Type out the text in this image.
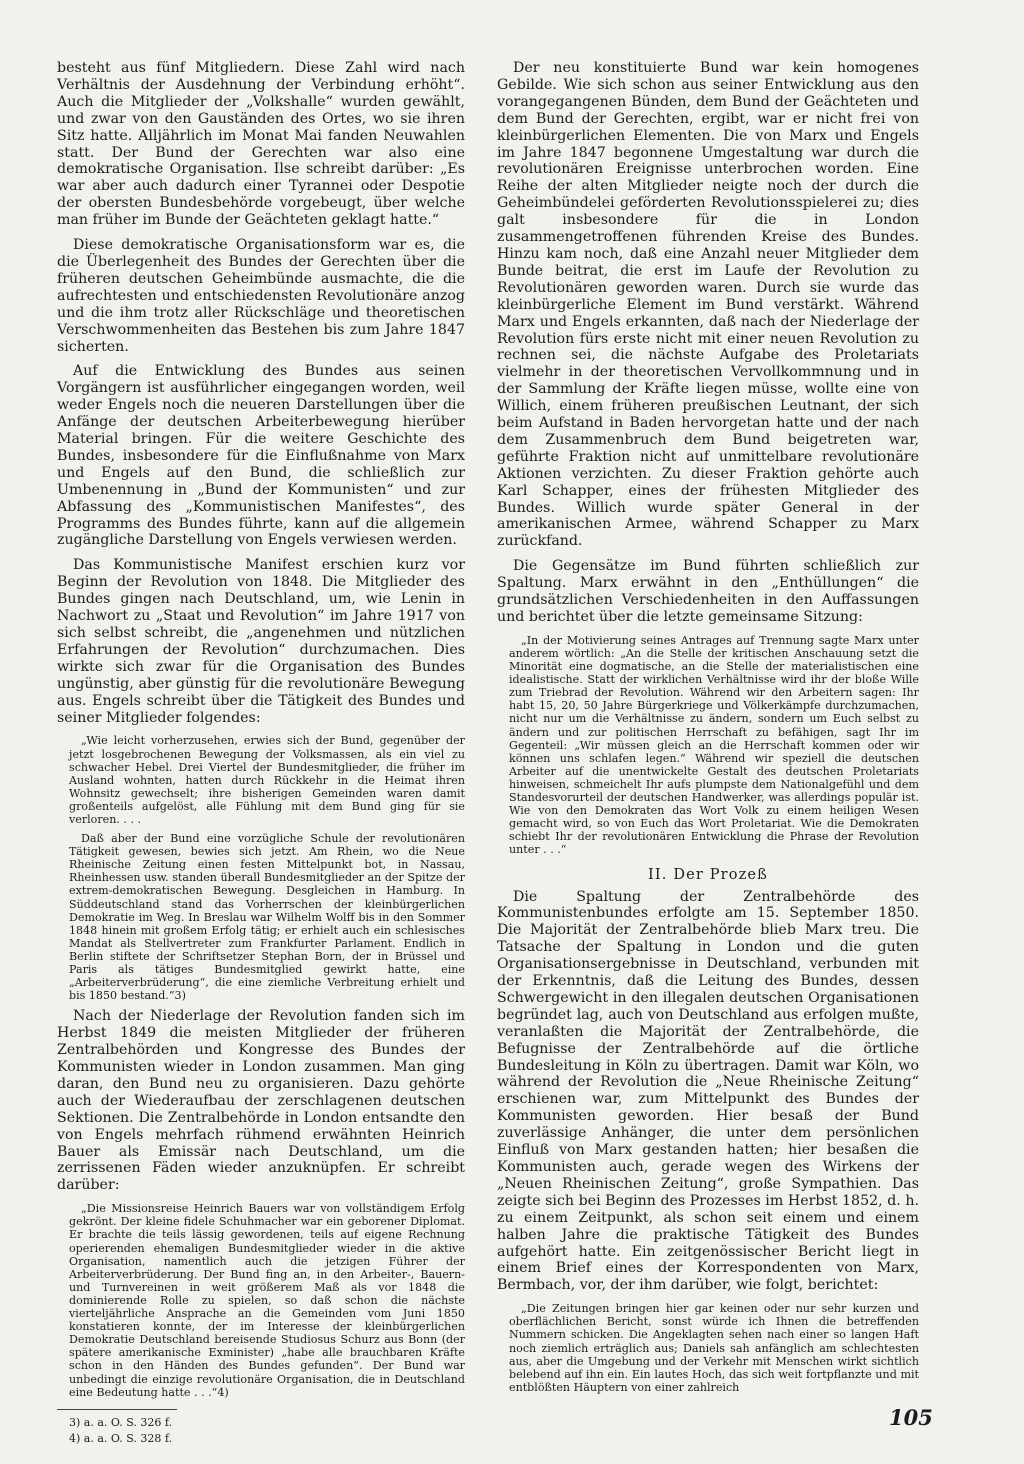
besteht aus fünf Mitgliedern. Diese Zahl wird nach Verhältnis der Ausdehnung der Verbindung erhöht“. Auch die Mitglieder der „Volkshalle“ wurden gewählt, und zwar von den Gauständen des Ortes, wo sie ihren Sitz hatte. Alljährlich im Monat Mai fanden Neuwahlen statt. Der Bund der Gerechten war also eine demokratische Organisation. Ilse schreibt darüber: „Es war aber auch dadurch einer Tyrannei oder Despotie der obersten Bundesbehörde vorgebeugt, über welche man früher im Bunde der Geächteten geklagt hatte.“

Diese demokratische Organisationsform war es, die die Überlegenheit des Bundes der Gerechten über die früheren deutschen Geheimbünde ausmachte, die die aufrechtesten und entschiedensten Revolutionäre anzog und die ihm trotz aller Rückschläge und theoretischen Verschwommenheiten das Bestehen bis zum Jahre 1847 sicherten.

Auf die Entwicklung des Bundes aus seinen Vorgängern ist ausführlicher eingegangen worden, weil weder Engels noch die neueren Darstellungen über die Anfänge der deutschen Arbeiterbewegung hierüber Material bringen. Für die weitere Geschichte des Bundes, insbesondere für die Einflußnahme von Marx und Engels auf den Bund, die schließlich zur Umbenennung in „Bund der Kommunisten“ und zur Abfassung des „Kommunistischen Manifestes“, des Programms des Bundes führte, kann auf die allgemein zugängliche Darstellung von Engels verwiesen werden.

Das Kommunistische Manifest erschien kurz vor Beginn der Revolution von 1848. Die Mitglieder des Bundes gingen nach Deutschland, um, wie Lenin in Nachwort zu „Staat und Revolution“ im Jahre 1917 von sich selbst schreibt, die „angenehmen und nützlichen Erfahrungen der Revolution“ durchzumachen. Dies wirkte sich zwar für die Organisation des Bundes ungünstig, aber günstig für die revolutionäre Bewegung aus. Engels schreibt über die Tätigkeit des Bundes und seiner Mitglieder folgendes:

„Wie leicht vorherzusehen, erwies sich der Bund, gegenüber der jetzt losgebrochenen Bewegung der Volksmassen, als ein viel zu schwacher Hebel. Drei Viertel der Bundesmitglieder, die früher im Ausland wohnten, hatten durch Rückkehr in die Heimat ihren Wohnsitz gewechselt; ihre bisherigen Gemeinden waren damit großenteils aufgelöst, alle Fühlung mit dem Bund ging für sie verloren. . . .
Daß aber der Bund eine vorzügliche Schule der revolutionären Tätigkeit gewesen, bewies sich jetzt. Am Rhein, wo die Neue Rheinische Zeitung einen festen Mittelpunkt bot, in Nassau, Rheinhessen usw. standen überall Bundesmitglieder an der Spitze der extrem-demokratischen Bewegung. Desgleichen in Hamburg. In Süddeutschland stand das Vorherrschen der kleinbürgerlichen Demokratie im Weg. In Breslau war Wilhelm Wolff bis in den Sommer 1848 hinein mit großem Erfolg tätig; er erhielt auch ein schlesisches Mandat als Stellvertreter zum Frankfurter Parlament. Endlich in Berlin stiftete der Schriftsetzer Stephan Born, der in Brüssel und Paris als tätiges Bundesmitglied gewirkt hatte, eine „Arbeiterverbrüderung“, die eine ziemliche Verbreitung erhielt und bis 1850 bestand.“3)

Nach der Niederlage der Revolution fanden sich im Herbst 1849 die meisten Mitglieder der früheren Zentralbehörden und Kongresse des Bundes der Kommunisten wieder in London zusammen. Man ging daran, den Bund neu zu organisieren. Dazu gehörte auch der Wiederaufbau der zerschlagenen deutschen Sektionen. Die Zentralbehörde in London entsandte den von Engels mehrfach rühmend erwähnten Heinrich Bauer als Emissär nach Deutschland, um die zerrissenen Fäden wieder anzuknüpfen. Er schreibt darüber:

„Die Missionsreise Heinrich Bauers war von vollständigem Erfolg gekrönt. Der kleine fidele Schuhmacher war ein geborener Diplomat. Er brachte die teils lässig gewordenen, teils auf eigene Rechnung operierenden ehemaligen Bundesmitglieder wieder in die aktive Organisation, namentlich auch die jetzigen Führer der Arbeiterverbrüderung. Der Bund fing an, in den Arbeiter-, Bauern- und Turnvereinen in weit größerem Maß als vor 1848 die dominierende Rolle zu spielen, so daß schon die nächste vierteljährliche Ansprache an die Gemeinden vom Juni 1850 konstatieren konnte, der im Interesse der kleinbürgerlichen Demokratie Deutschland bereisende Studiosus Schurz aus Bonn (der spätere amerikanische Exminister) „habe alle brauchbaren Kräfte schon in den Händen des Bundes gefunden“. Der Bund war unbedingt die einzige revolutionäre Organisation, die in Deutschland eine Bedeutung hatte . . .“4)
3) a. a. O. S. 326 f.
4) a. a. O. S. 328 f.

Der neu konstituierte Bund war kein homogenes Gebilde. Wie sich schon aus seiner Entwicklung aus den vorangegangenen Bünden, dem Bund der Geächteten und dem Bund der Gerechten, ergibt, war er nicht frei von kleinbürgerlichen Elementen. Die von Marx und Engels im Jahre 1847 begonnene Umgestaltung war durch die revolutionären Ereignisse unterbrochen worden. Eine Reihe der alten Mitglieder neigte noch der durch die Geheimbündelei geförderten Revolutionsspielerei zu; dies galt insbesondere für die in London zusammengetroffenen führenden Kreise des Bundes. Hinzu kam noch, daß eine Anzahl neuer Mitglieder dem Bunde beitrat, die erst im Laufe der Revolution zu Revolutionären geworden waren. Durch sie wurde das kleinbürgerliche Element im Bund verstärkt. Während Marx und Engels erkannten, daß nach der Niederlage der Revolution fürs erste nicht mit einer neuen Revolution zu rechnen sei, die nächste Aufgabe des Proletariats vielmehr in der theoretischen Vervollkommnung und in der Sammlung der Kräfte liegen müsse, wollte eine von Willich, einem früheren preußischen Leutnant, der sich beim Aufstand in Baden hervorgetan hatte und der nach dem Zusammenbruch dem Bund beigetreten war, geführte Fraktion nicht auf unmittelbare revolutionäre Aktionen verzichten. Zu dieser Fraktion gehörte auch Karl Schapper, eines der frühesten Mitglieder des Bundes. Willich wurde später General in der amerikanischen Armee, während Schapper zu Marx zurückfand.

Die Gegensätze im Bund führten schließlich zur Spaltung. Marx erwähnt in den „Enthüllungen“ die grundsätzlichen Verschiedenheiten in den Auffassungen und berichtet über die letzte gemeinsame Sitzung:

„In der Motivierung seines Antrages auf Trennung sagte Marx unter anderem wörtlich: „An die Stelle der kritischen Anschauung setzt die Minorität eine dogmatische, an die Stelle der materialistischen eine idealistische. Statt der wirklichen Verhältnisse wird ihr der bloße Wille zum Triebrad der Revolution. Während wir den Arbeitern sagen: Ihr habt 15, 20, 50 Jahre Bürgerkriege und Völkerkämpfe durchzumachen, nicht nur um die Verhältnisse zu ändern, sondern um Euch selbst zu ändern und zur politischen Herrschaft zu befähigen, sagt Ihr im Gegenteil: „Wir müssen gleich an die Herrschaft kommen oder wir können uns schlafen legen.“ Während wir speziell die deutschen Arbeiter auf die unentwickelte Gestalt des deutschen Proletariats hinweisen, schmeichelt Ihr aufs plumpste dem Nationalgefühl und dem Standesvorurteil der deutschen Handwerker, was allerdings populär ist. Wie von den Demokraten das Wort Volk zu einem heiligen Wesen gemacht wird, so von Euch das Wort Proletariat. Wie die Demokraten schiebt Ihr der revolutionären Entwicklung die Phrase der Revolution unter . . .“
II. Der Prozeß

Die Spaltung der Zentralbehörde des Kommunistenbundes erfolgte am 15. September 1850. Die Majorität der Zentralbehörde blieb Marx treu. Die Tatsache der Spaltung in London und die guten Organisationsergebnisse in Deutschland, verbunden mit der Erkenntnis, daß die Leitung des Bundes, dessen Schwergewicht in den illegalen deutschen Organisationen begründet lag, auch von Deutschland aus erfolgen mußte, veranlaßten die Majorität der Zentralbehörde, die Befugnisse der Zentralbehörde auf die örtliche Bundesleitung in Köln zu übertragen. Damit war Köln, wo während der Revolution die „Neue Rheinische Zeitung“ erschienen war, zum Mittelpunkt des Bundes der Kommunisten geworden. Hier besaß der Bund zuverlässige Anhänger, die unter dem persönlichen Einfluß von Marx gestanden hatten; hier besaßen die Kommunisten auch, gerade wegen des Wirkens der „Neuen Rheinischen Zeitung“, große Sympathien. Das zeigte sich bei Beginn des Prozesses im Herbst 1852, d. h. zu einem Zeitpunkt, als schon seit einem und einem halben Jahre die praktische Tätigkeit des Bundes aufgehört hatte. Ein zeitgenössischer Bericht liegt in einem Brief eines der Korrespondenten von Marx, Bermbach, vor, der ihm darüber, wie folgt, berichtet:

„Die Zeitungen bringen hier gar keinen oder nur sehr kurzen und oberflächlichen Bericht, sonst würde ich Ihnen die betreffenden Nummern schicken. Die Angeklagten sehen nach einer so langen Haft noch ziemlich erträglich aus; Daniels sah anfänglich am schlechtesten aus, aber die Umgebung und der Verkehr mit Menschen wirkt sichtlich belebend auf ihn ein. Ein lautes Hoch, das sich weit fortpflanzte und mit entblößten Häuptern von einer zahlreich
105
